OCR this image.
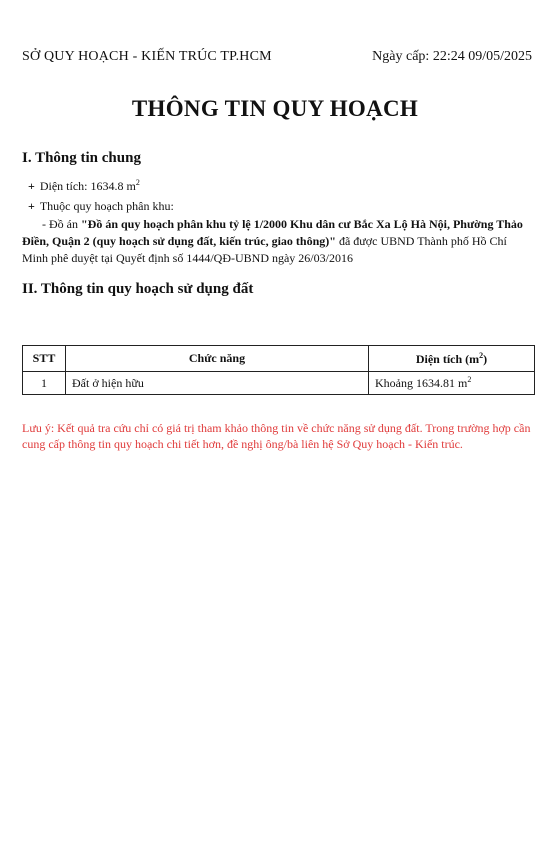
SỞ QUY HOẠCH - KIẾN TRÚC TP.HCM	Ngày cấp: 22:24 09/05/2025
THÔNG TIN QUY HOẠCH
I. Thông tin chung
+ Diện tích: 1634.8 $m^2$
+ Thuộc quy hoạch phân khu:
- Đồ án "Đồ án quy hoạch phân khu tỷ lệ 1/2000 Khu dân cư Bắc Xa Lộ Hà Nội, Phường Thảo Điền, Quận 2 (quy hoạch sử dụng đất, kiến trúc, giao thông)" đã được UBND Thành phố Hồ Chí Minh phê duyệt tại Quyết định số 1444/QĐ-UBND ngày 26/03/2016
II. Thông tin quy hoạch sử dụng đất
STT	Chức năng	Diện tích $(m^2)$
1	Đất ở hiện hữu	Khoảng 1634.81 $m^2$
Lưu ý: Kết quả tra cứu chỉ có giá trị tham khảo thông tin về chức năng sử dụng đất. Trong trường hợp cần cung cấp thông tin quy hoạch chi tiết hơn, đề nghị ông/bà liên hệ Sở Quy hoạch - Kiến trúc.
